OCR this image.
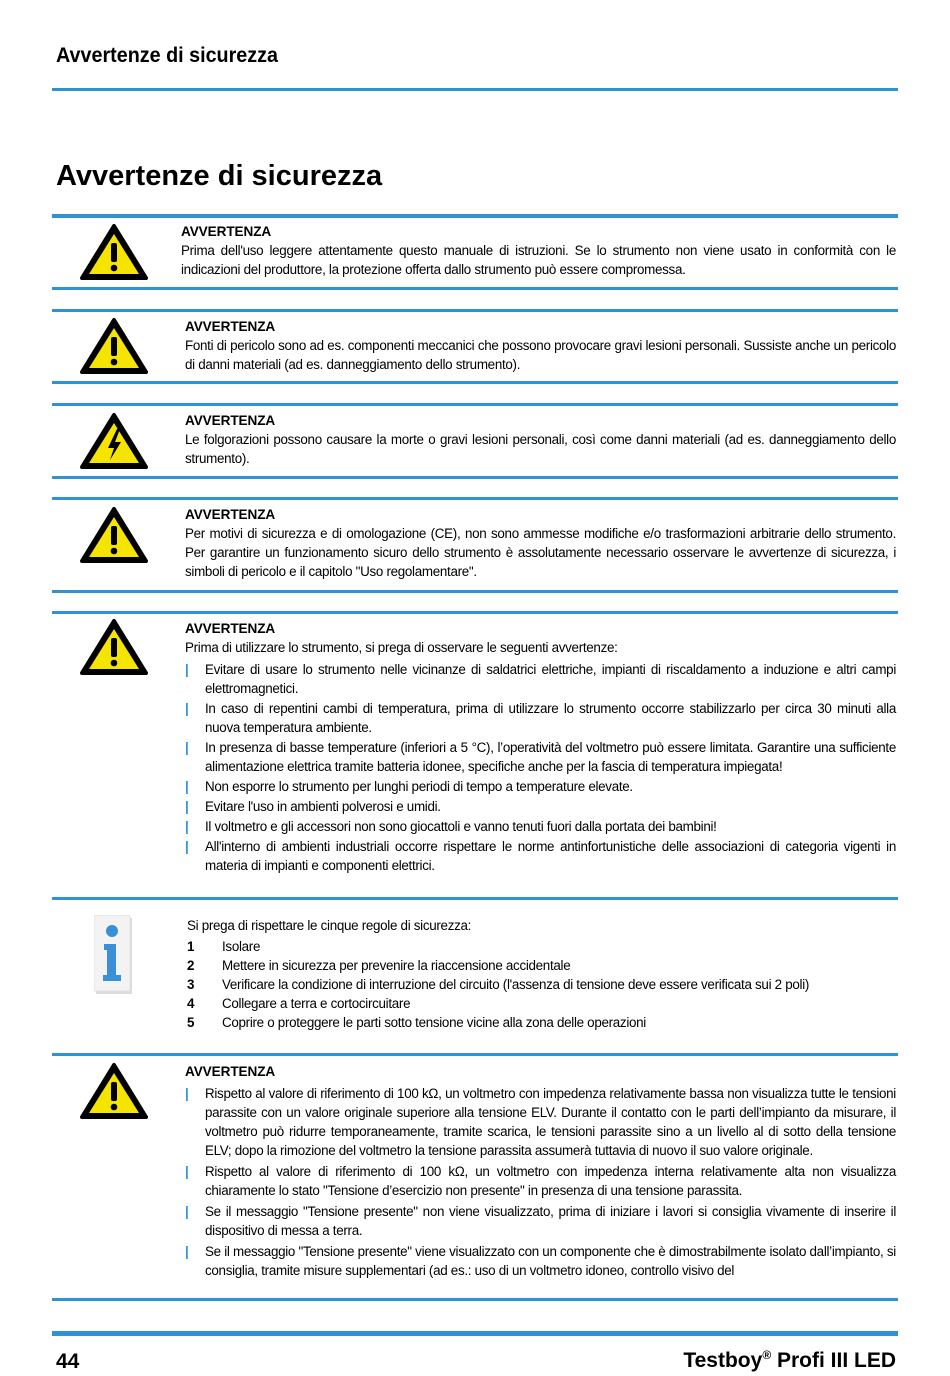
Avvertenze di sicurezza
Avvertenze di sicurezza
AVVERTENZA
Prima dell'uso leggere attentamente questo manuale di istruzioni. Se lo strumento non viene usato in conformità con le indicazioni del produttore, la protezione offerta dallo strumento può essere compromessa.
AVVERTENZA
Fonti di pericolo sono ad es. componenti meccanici che possono provocare gravi lesioni personali. Sussiste anche un pericolo di danni materiali (ad es. danneggiamento dello strumento).
AVVERTENZA
Le folgorazioni possono causare la morte o gravi lesioni personali, così come danni materiali (ad es. danneggiamento dello strumento).
AVVERTENZA
Per motivi di sicurezza e di omologazione (CE), non sono ammesse modifiche e/o trasformazioni arbitrarie dello strumento. Per garantire un funzionamento sicuro dello strumento è assolutamente necessario osservare le avvertenze di sicurezza, i simboli di pericolo e il capitolo "Uso regolamentare".
AVVERTENZA
Prima di utilizzare lo strumento, si prega di osservare le seguenti avvertenze:
| Evitare di usare lo strumento nelle vicinanze di saldatrici elettriche, impianti di riscaldamento a induzione e altri campi elettromagnetici.
| In caso di repentini cambi di temperatura, prima di utilizzare lo strumento occorre stabilizzarlo per circa 30 minuti alla nuova temperatura ambiente.
| In presenza di basse temperature (inferiori a 5 °C), l’operatività del voltmetro può essere limitata. Garantire una sufficiente alimentazione elettrica tramite batteria idonee, specifiche anche per la fascia di temperatura impiegata!
| Non esporre lo strumento per lunghi periodi di tempo a temperature elevate.
| Evitare l'uso in ambienti polverosi e umidi.
| Il voltmetro e gli accessori non sono giocattoli e vanno tenuti fuori dalla portata dei bambini!
| All'interno di ambienti industriali occorre rispettare le norme antinfortunistiche delle associazioni di categoria vigenti in materia di impianti e componenti elettrici.
Si prega di rispettare le cinque regole di sicurezza:
1	Isolare
2	Mettere in sicurezza per prevenire la riaccensione accidentale
3	Verificare la condizione di interruzione del circuito (l'assenza di tensione deve essere verificata sui 2 poli)
4	Collegare a terra e cortocircuitare
5	Coprire o proteggere le parti sotto tensione vicine alla zona delle operazioni
AVVERTENZA
| Rispetto al valore di riferimento di 100 kΩ, un voltmetro con impedenza relativamente bassa non visualizza tutte le tensioni parassite con un valore originale superiore alla tensione ELV. Durante il contatto con le parti dell’impianto da misurare, il voltmetro può ridurre temporaneamente, tramite scarica, le tensioni parassite sino a un livello al di sotto della tensione ELV; dopo la rimozione del voltmetro la tensione parassita assumerà tuttavia di nuovo il suo valore originale.
| Rispetto al valore di riferimento di 100 kΩ, un voltmetro con impedenza interna relativamente alta non visualizza chiaramente lo stato "Tensione d’esercizio non presente" in presenza di una tensione parassita.
| Se il messaggio "Tensione presente" non viene visualizzato, prima di iniziare i lavori si consiglia vivamente di inserire il dispositivo di messa a terra.
| Se il messaggio "Tensione presente" viene visualizzato con un componente che è dimostrabilmente isolato dall’impianto, si consiglia, tramite misure supplementari (ad es.: uso di un voltmetro idoneo, controllo visivo del
44	Testboy® Profi III LED
